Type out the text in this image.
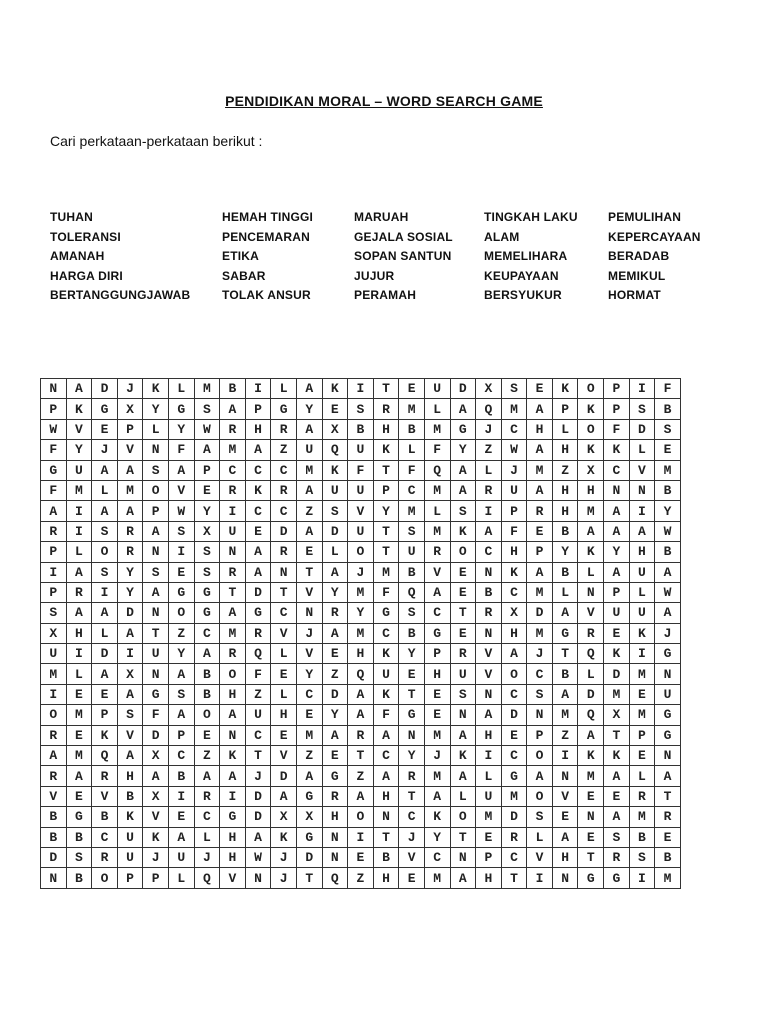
PENDIDIKAN MORAL – WORD SEARCH GAME
Cari perkataan-perkataan berikut :
TUHAN
TOLERANSI
AMANAH
HARGA DIRI
BERTANGGUNGJAWAB
HEMAH TINGGI
PENCEMARAN
ETIKA
SABAR
TOLAK ANSUR
MARUAH
GEJALA SOSIAL
SOPAN SANTUN
JUJUR
PERAMAH
TINGKAH LAKU
ALAM
MEMELIHARA
KEUPAYAAN
BERSYUKUR
PEMULIHAN
KEPERCAYAAN
BERADAB
MEMIKUL
HORMAT
N	A	D	J	K	L	M	B	I	L	A	K	I	T	E	U	D	X	S	E	K	O	P	I	F
P	K	G	X	Y	G	S	A	P	G	Y	E	S	R	M	L	A	Q	M	A	P	K	P	S	B
W	V	E	P	L	Y	W	R	H	R	A	X	B	H	B	M	G	J	C	H	L	O	F	D	S
F	Y	J	V	N	F	A	M	A	Z	U	Q	U	K	L	F	Y	Z	W	A	H	K	K	L	E
G	U	A	A	S	A	P	C	C	C	M	K	F	T	F	Q	A	L	J	M	Z	X	C	V	M
F	M	L	M	O	V	E	R	K	R	A	U	U	P	C	M	A	R	U	A	H	H	N	N	B
A	I	A	A	P	W	Y	I	C	C	Z	S	V	Y	M	L	S	I	P	R	H	M	A	I	Y
R	I	S	R	A	S	X	U	E	D	A	D	U	T	S	M	K	A	F	E	B	A	A	A	W
P	L	O	R	N	I	S	N	A	R	E	L	O	T	U	R	O	C	H	P	Y	K	Y	H	B
I	A	S	Y	S	E	S	R	A	N	T	A	J	M	B	V	E	N	K	A	B	L	A	U	A
P	R	I	Y	A	G	G	T	D	T	V	Y	M	F	Q	A	E	B	C	M	L	N	P	L	W
S	A	A	D	N	O	G	A	G	C	N	R	Y	G	S	C	T	R	X	D	A	V	U	U	A
X	H	L	A	T	Z	C	M	R	V	J	A	M	C	B	G	E	N	H	M	G	R	E	K	J
U	I	D	I	U	Y	A	R	Q	L	V	E	H	K	Y	P	R	V	A	J	T	Q	K	I	G
M	L	A	X	N	A	B	O	F	E	Y	Z	Q	U	E	H	U	V	O	C	B	L	D	M	N
I	E	E	A	G	S	B	H	Z	L	C	D	A	K	T	E	S	N	C	S	A	D	M	E	U
O	M	P	S	F	A	O	A	U	H	E	Y	A	F	G	E	N	A	D	N	M	Q	X	M	G
R	E	K	V	D	P	E	N	C	E	M	A	R	A	N	M	A	H	E	P	Z	A	T	P	G
A	M	Q	A	X	C	Z	K	T	V	Z	E	T	C	Y	J	K	I	C	O	I	K	K	E	N
R	A	R	H	A	B	A	A	J	D	A	G	Z	A	R	M	A	L	G	A	N	M	A	L	A
V	E	V	B	X	I	R	I	D	A	G	R	A	H	T	A	L	U	M	O	V	E	E	R	T
B	G	B	K	V	E	C	G	D	X	X	H	O	N	C	K	O	M	D	S	E	N	A	M	R
B	B	C	U	K	A	L	H	A	K	G	N	I	T	J	Y	T	E	R	L	A	E	S	B	E
D	S	R	U	J	U	J	H	W	J	D	N	E	B	V	C	N	P	C	V	H	T	R	S	B
N	B	O	P	P	L	Q	V	N	J	T	Q	Z	H	E	M	A	H	T	I	N	G	G	I	M
